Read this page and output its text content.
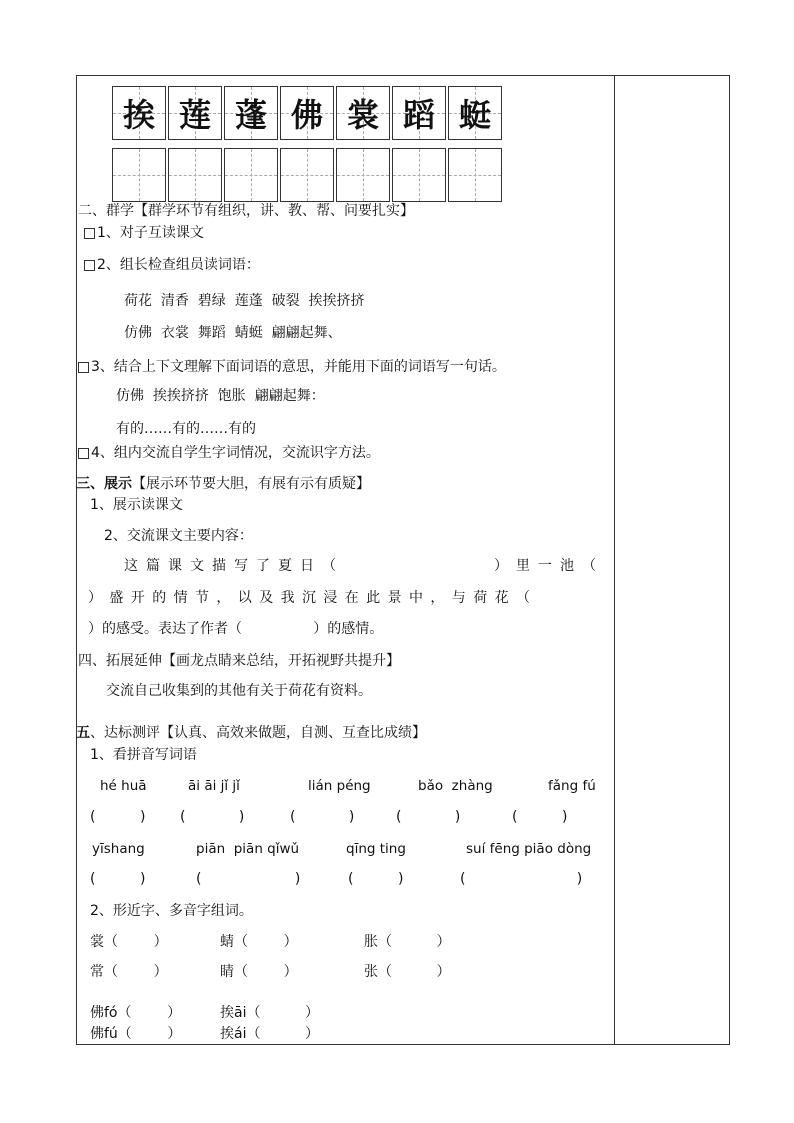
挨 莲 蓬 佛 裳 蹈 蜓
二、群学【群学环节有组织，讲、教、帮、问要扎实】
1、对子互读课文
2、组长检查组员读词语：
荷花  清香  碧绿  莲蓬  破裂  挨挨挤挤
仿佛  衣裳  舞蹈  蜻蜓  翩翩起舞、
3、结合上下文理解下面词语的意思，并能用下面的词语写一句话。
仿佛  挨挨挤挤  饱胀  翩翩起舞：
有的……有的……有的
4、组内交流自学生字词情况，交流识字方法。
三、展示【展示环节要大胆，有展有示有质疑】
1、展示读课文
2、交流课文主要内容：
这篇课文描写了夏日（	）里一池（
）盛开的情节，以及我沉浸在此景中，与荷花（
）的感受。表达了作者（                ）的感情。
四、拓展延伸【画龙点睛来总结，开拓视野共提升】
交流自己收集到的其他有关于荷花有资料。
五、达标测评【认真、高效来做题，自测、互查比成绩】
1、看拼音写词语
hé huā	āi āi jǐ jǐ	lián péng	bǎo  zhàng	fǎng fú
(          ) (            )	(            )	(            )	(          )
yīshang	piān  piān qǐwǔ	qīng ting	suí fēng piāo dòng
(          )	(                     )	(          )	(                         )
2、形近字、多音字组词。
裳（        ）	蜻（        ）	胀（          ）
常（        ）	睛（        ）	张（          ）
佛fó（        ）	挨āi（          ）
佛fú（        ）	挨ái（          ）
